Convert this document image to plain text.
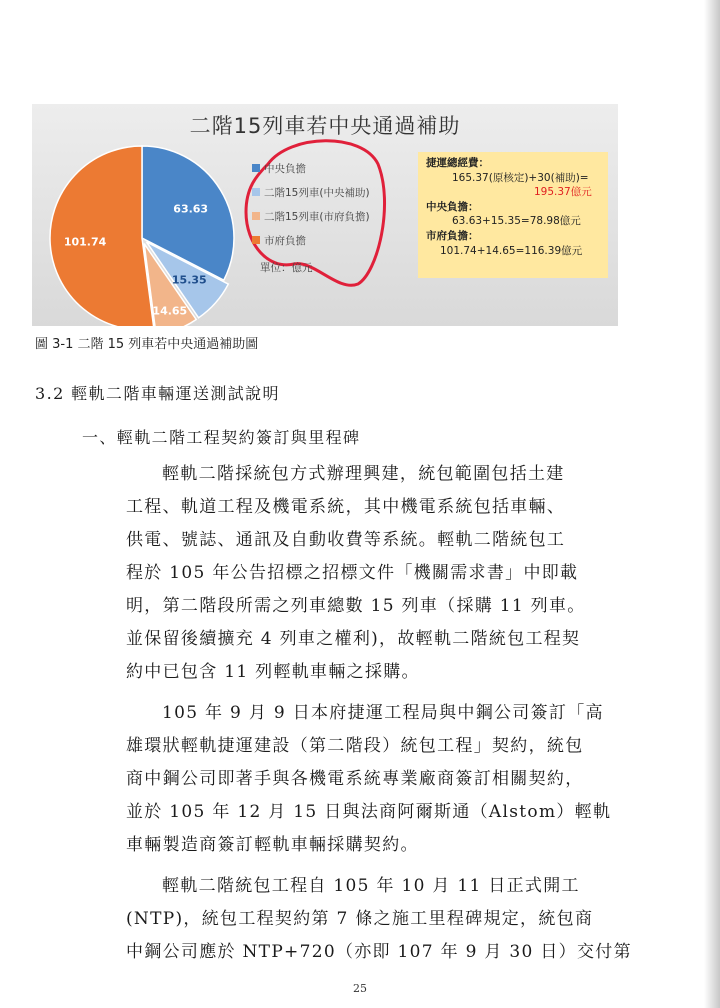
63.63
15.35
14.65
101.74
二階15列車若中央通過補助
中央負擔
二階15列車(中央補助)
二階15列車(市府負擔)
市府負擔
單位：億元
捷運總經費：
165.37(原核定)+30(補助)=
195.37億元
中央負擔：
63.63+15.35=78.98億元
市府負擔：
101.74+14.65=116.39億元
圖 3-1 二階 15 列車若中央通過補助圖
3.2 輕軌二階車輛運送測試說明
一、輕軌二階工程契約簽訂與里程碑
輕軌二階採統包方式辦理興建，統包範圍包括土建
工程、軌道工程及機電系統，其中機電系統包括車輛、
供電、號誌、通訊及自動收費等系統。輕軌二階統包工
程於 105 年公告招標之招標文件「機關需求書」中即載
明，第二階段所需之列車總數 15 列車（採購 11 列車。
並保留後續擴充 4 列車之權利)，故輕軌二階統包工程契
約中已包含 11 列輕軌車輛之採購。
105 年 9 月 9 日本府捷運工程局與中鋼公司簽訂「高
雄環狀輕軌捷運建設（第二階段）統包工程」契約，統包
商中鋼公司即著手與各機電系統專業廠商簽訂相關契約，
並於 105 年 12 月 15 日與法商阿爾斯通（Alstom）輕軌
車輛製造商簽訂輕軌車輛採購契約。
輕軌二階統包工程自 105 年 10 月 11 日正式開工
(NTP)，統包工程契約第 7 條之施工里程碑規定，統包商
中鋼公司應於 NTP+720（亦即 107 年 9 月 30 日）交付第
25
